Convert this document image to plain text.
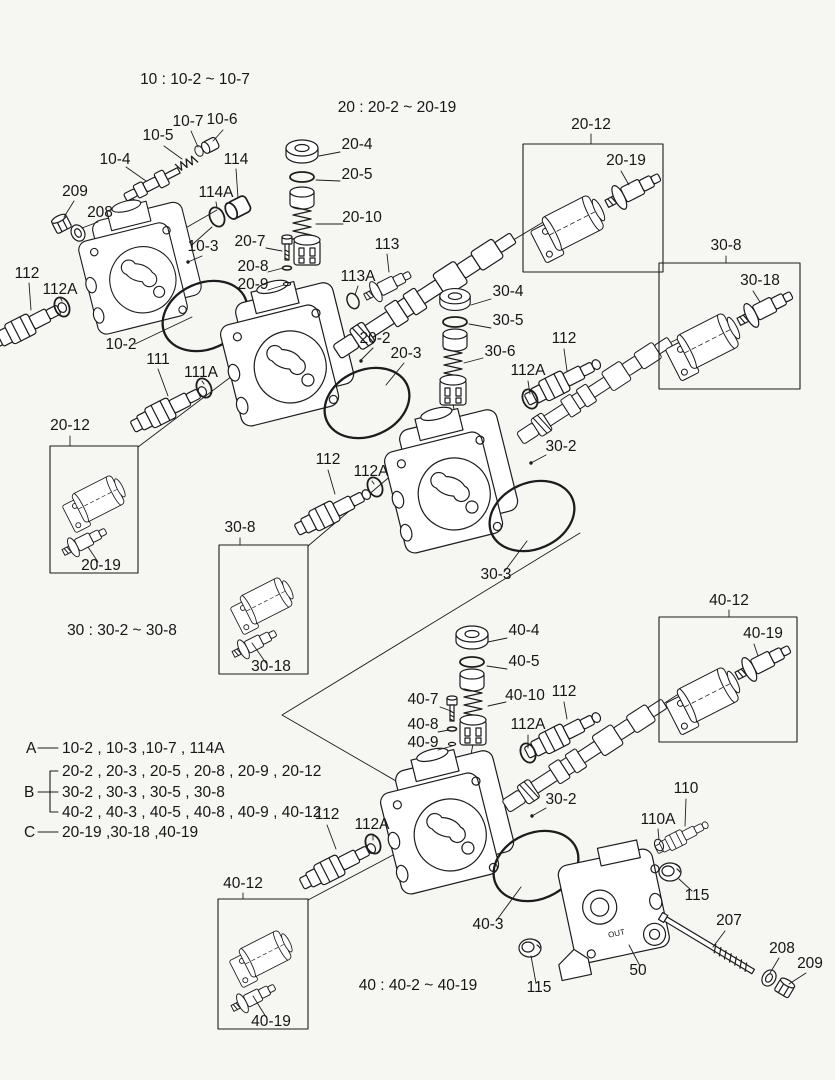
10 : 10-2 ~ 10-7
20 : 20-2 ~ 20-19
30 : 30-2 ~ 30-8
40 : 40-2 ~ 40-19
10-4
10-5
10-7 10-6
114
114A
209
208
10-3
10-2
112
112A
111
111A
20-12
20-19
20-4
20-5
20-10
20-7
20-8
20-9
113
113A
20-2
20-3
30-4
30-5
30-6
112
112A
30-2
112
112A
30-3
30-8
30-18
20-12
20-19
30-8
30-18
40-4
40-5
40-7
40-8
40-9
40-10 112
112A
30-2
112
112A
40-12
40-19
110
110A
40-3
115
115
50
207
208
209
40-12
40-19
OUT
A 10-2 , 10-3 ,10-7 , 114A
B
20-2 , 20-3 , 20-5 , 20-8 , 20-9 , 20-12
30-2 , 30-3 , 30-5 , 30-8
40-2 , 40-3 , 40-5 , 40-8 , 40-9 , 40-12
C 20-19 ,30-18 ,40-19
